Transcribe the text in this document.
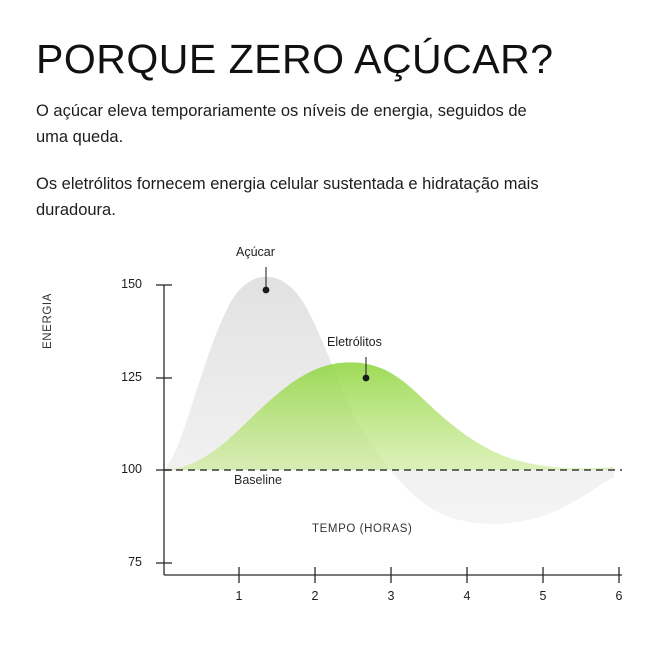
PORQUE ZERO AÇÚCAR?

O açúcar eleva temporariamente os níveis de energia, seguidos de uma queda.

Os eletrólitos fornecem energia celular sustentada e hidratação mais duradoura.

ENERGIA
TEMPO (HORAS)
150
125
100
75
1	2	3	4	5	6
Açúcar
Eletrólitos
Baseline
